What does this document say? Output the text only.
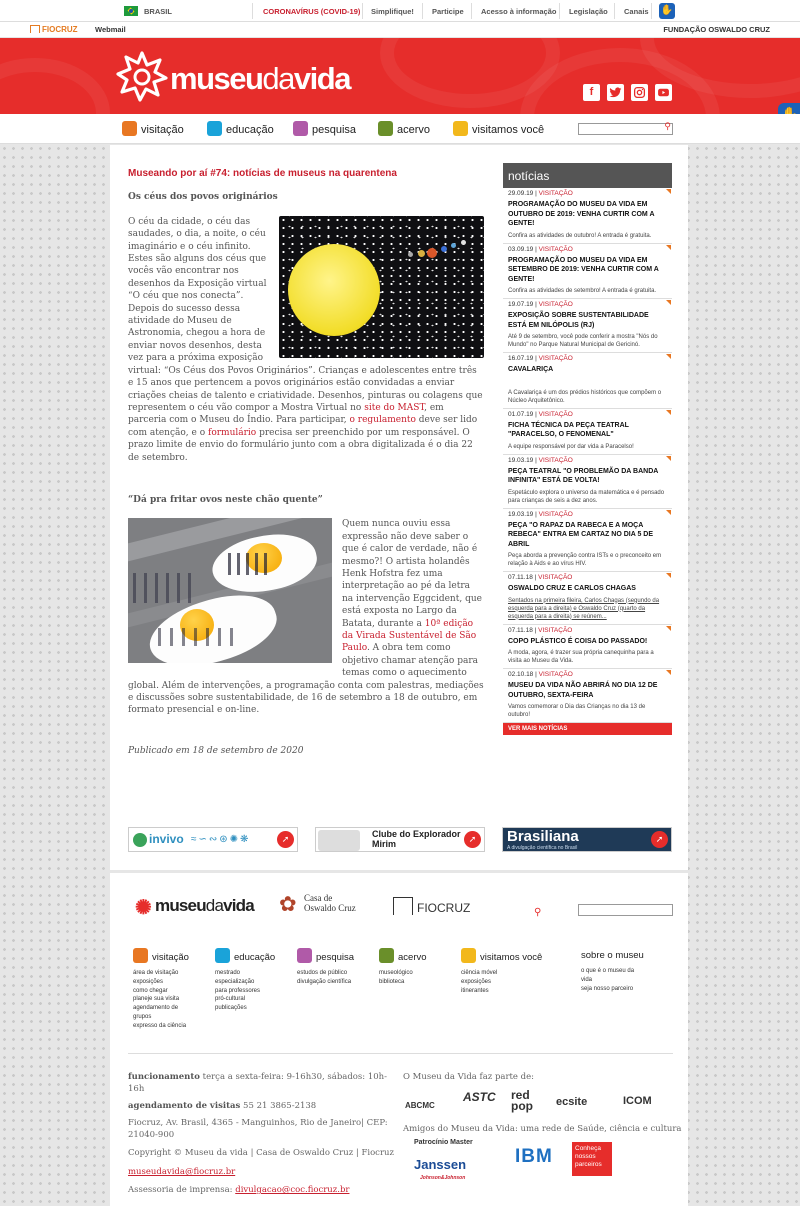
BRASIL	CORONAVÍRUS (COVID-19) Simplifique! Participe Acesso à informação Legislação Canais ✋
FIOCRUZ Webmail	FUNDAÇÃO OSWALDO CRUZ
museudavida	f
visitação	educação	pesquisa	acervo	visitamos você	⚲
Museando por aí #74: notícias de museus na quarentena
Os céus dos povos originários
O céu da cidade, o céu das saudades, o dia, a noite, o céu imaginário e o céu infinito. Estes são alguns dos céus que vocês vão encontrar nos desenhos da Exposição virtual “O céu que nos conecta”. Depois do sucesso dessa atividade do Museu de Astronomia, chegou a hora de enviar novos desenhos, desta vez para a próxima exposição virtual: “Os Céus dos Povos Originários”. Crianças e adolescentes entre três e 15 anos que pertencem a povos originários estão convidadas a enviar criações cheias de talento e criatividade. Desenhos, pinturas ou colagens que representem o céu vão compor a Mostra Virtual no site do MAST, em parceria com o Museu do Índio. Para participar, o regulamento deve ser lido com atenção, e o formulário precisa ser preenchido por um responsável. O prazo limite de envio do formulário junto com a obra digitalizada é o dia 22 de setembro.
“Dá pra fritar ovos neste chão quente”
Quem nunca ouviu essa expressão não deve saber o que é calor de verdade, não é mesmo?! O artista holandês Henk Hofstra fez uma interpretação ao pé da letra na intervenção Eggcident, que está exposta no Largo da Batata, durante a 10ª edição da Virada Sustentável de São Paulo. A obra tem como objetivo chamar atenção para temas como o aquecimento global. Além de intervenções, a programação conta com palestras, mediações e discussões sobre sustentabilidade, de 16 de setembro a 18 de outubro, em formato presencial e on-line.
Publicado em 18 de setembro de 2020
notícias
29.09.19 | VISITAÇÃO
PROGRAMAÇÃO DO MUSEU DA VIDA EM OUTUBRO DE 2019: VENHA CURTIR COM A GENTE!
Confira as atividades de outubro! A entrada é gratuita.
03.09.19 | VISITAÇÃO
PROGRAMAÇÃO DO MUSEU DA VIDA EM SETEMBRO DE 2019: VENHA CURTIR COM A GENTE!
Confira as atividades de setembro! A entrada é gratuita.
19.07.19 | VISITAÇÃO
EXPOSIÇÃO SOBRE SUSTENTABILIDADE ESTÁ EM NILÓPOLIS (RJ)
Até 9 de setembro, você pode conferir a mostra "Nós do Mundo" no Parque Natural Municipal de Gericinó.
16.07.19 | VISITAÇÃO
CAVALARIÇA
A Cavalariça é um dos prédios históricos que compõem o Núcleo Arquitetônico.
01.07.19 | VISITAÇÃO
FICHA TÉCNICA DA PEÇA TEATRAL "PARACELSO, O FENOMENAL"
A equipe responsável por dar vida a Paracelso!
19.03.19 | VISITAÇÃO
PEÇA TEATRAL "O PROBLEMÃO DA BANDA INFINITA" ESTÁ DE VOLTA!
Espetáculo explora o universo da matemática e é pensado para crianças de seis a dez anos.
19.03.19 | VISITAÇÃO
PEÇA "O RAPAZ DA RABECA E A MOÇA REBECA" ENTRA EM CARTAZ NO DIA 5 DE ABRIL
Peça aborda a prevenção contra ISTs e o preconceito em relação à Aids e ao vírus HIV.
07.11.18 | VISITAÇÃO
OSWALDO CRUZ E CARLOS CHAGAS
Sentados na primeira fileira, Carlos Chagas (segundo da esquerda para a direita) e Oswaldo Cruz (quarto da esquerda para a direita) se reúnem...
07.11.18 | VISITAÇÃO
COPO PLÁSTICO É COISA DO PASSADO!
A moda, agora, é trazer sua própria canequinha para a visita ao Museu da Vida.
02.10.18 | VISITAÇÃO
MUSEU DA VIDA NÃO ABRIRÁ NO DIA 12 DE OUTUBRO, SEXTA-FEIRA
Vamos comemorar o Dia das Crianças no dia 13 de outubro!
VER MAIS NOTÍCIAS
invivo ≈∽∾⊛✺❋	➚	Clube do Explorador Mirim	➚	Brasiliana
A divulgação científica no Brasil
➚
✺ museudavida ✿ Casa de Oswaldo Cruz	FIOCRUZ	⚲
visitação
área de visitação
exposições
como chegar
planeje sua visita
agendamento de grupos
expresso da ciência
educação
mestrado
especialização
para professores
pró-cultural
publicações
pesquisa
estudos de público
divulgação científica
acervo
museológico
biblioteca
visitamos você
ciência móvel
exposições itinerantes
sobre o museu
o que é o museu da vida
seja nosso parceiro
funcionamento terça a sexta-feira: 9-16h30, sábados: 10h-16h
agendamento de visitas 55 21 3865-2138
Fiocruz, Av. Brasil, 4365 - Manguinhos, Rio de Janeiro| CEP: 21040-900
Copyright © Museu da vida | Casa de Oswaldo Cruz | Fiocruz
museudavida@fiocruz.br
Assessoria de imprensa: divulgacao@coc.fiocruz.br
O Museu da Vida faz parte de:
ABCMC
ASTC red pop	ecsite	ICOM
Amigos do Museu da Vida: uma rede de Saúde, ciência e cultura
Patrocínio Master
Janssen
Johnson&Johnson
IBM	Conheça nossos parceiros
